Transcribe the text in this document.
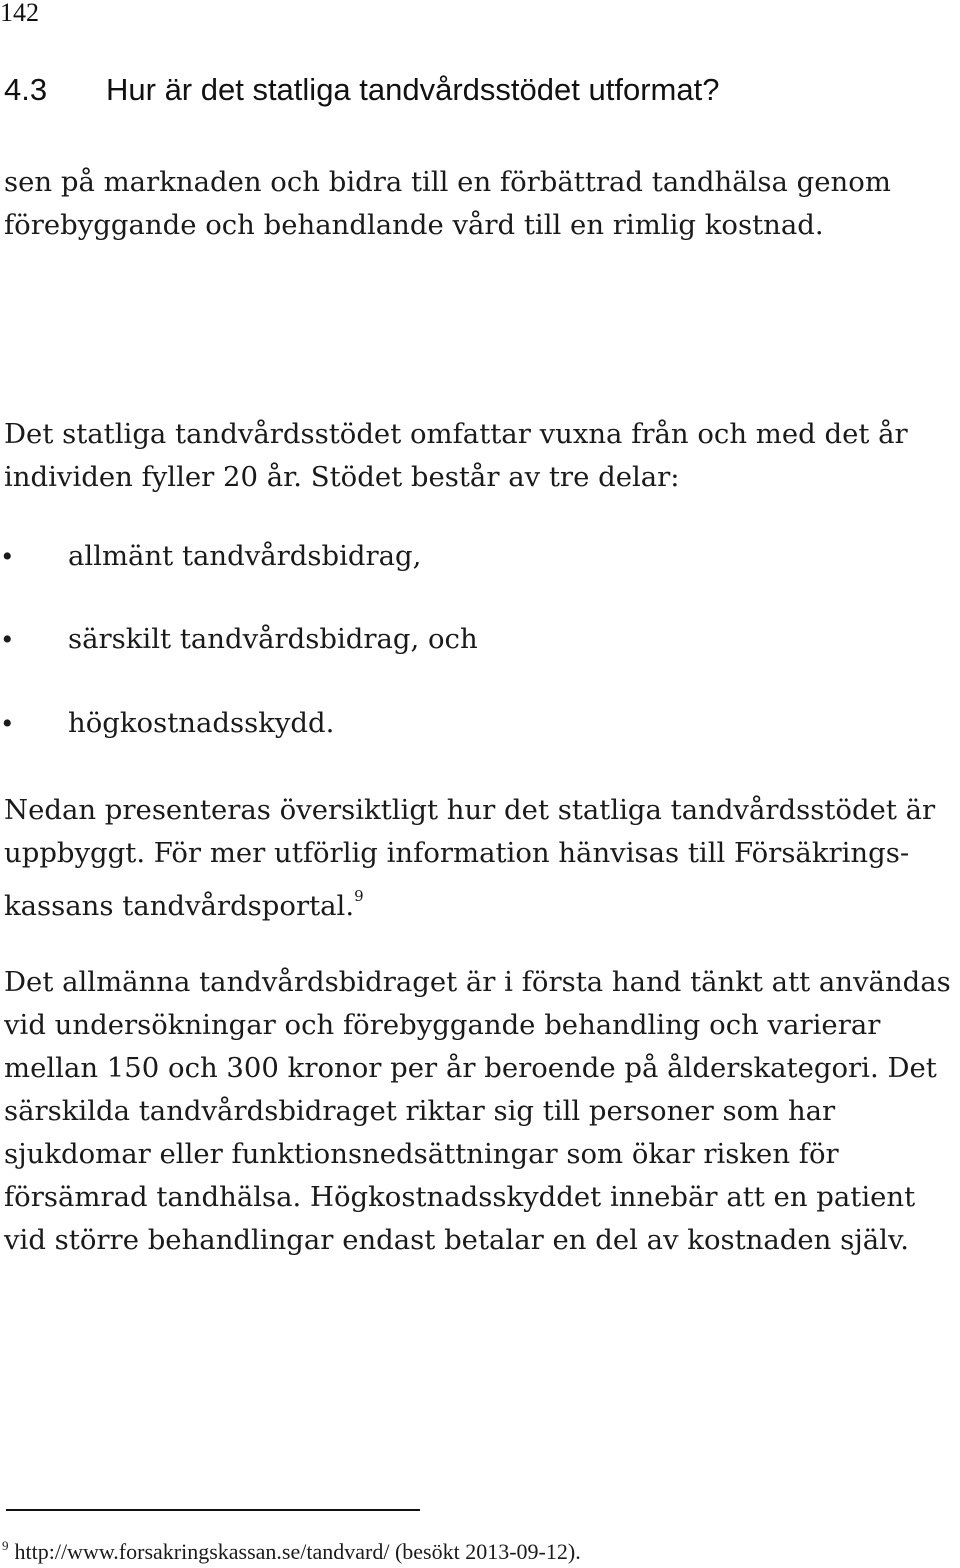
142
sen på marknaden och bidra till en förbättrad tandhälsa genom
förebyggande och behandlande vård till en rimlig kostnad.
4.3 Hur är det statliga tandvårdsstödet utformat?
Det statliga tandvårdsstödet omfattar vuxna från och med det år
individen fyller 20 år. Stödet består av tre delar:
• allmänt tandvårdsbidrag,
• särskilt tandvårdsbidrag, och
• högkostnadsskydd.
Nedan presenteras översiktligt hur det statliga tandvårdsstödet är
uppbyggt. För mer utförlig information hänvisas till Försäkrings-
kassans tandvårdsportal.$^9$
Det allmänna tandvårdsbidraget är i första hand tänkt att användas
vid undersökningar och förebyggande behandling och varierar
mellan 150 och 300 kronor per år beroende på ålderskategori. Det
särskilda tandvårdsbidraget riktar sig till personer som har
sjukdomar eller funktionsnedsättningar som ökar risken för
försämrad tandhälsa. Högkostnadsskyddet innebär att en patient
vid större behandlingar endast betalar en del av kostnaden själv.
$^9$ http://www.forsakringskassan.se/tandvard/ (besökt 2013-09-12).
